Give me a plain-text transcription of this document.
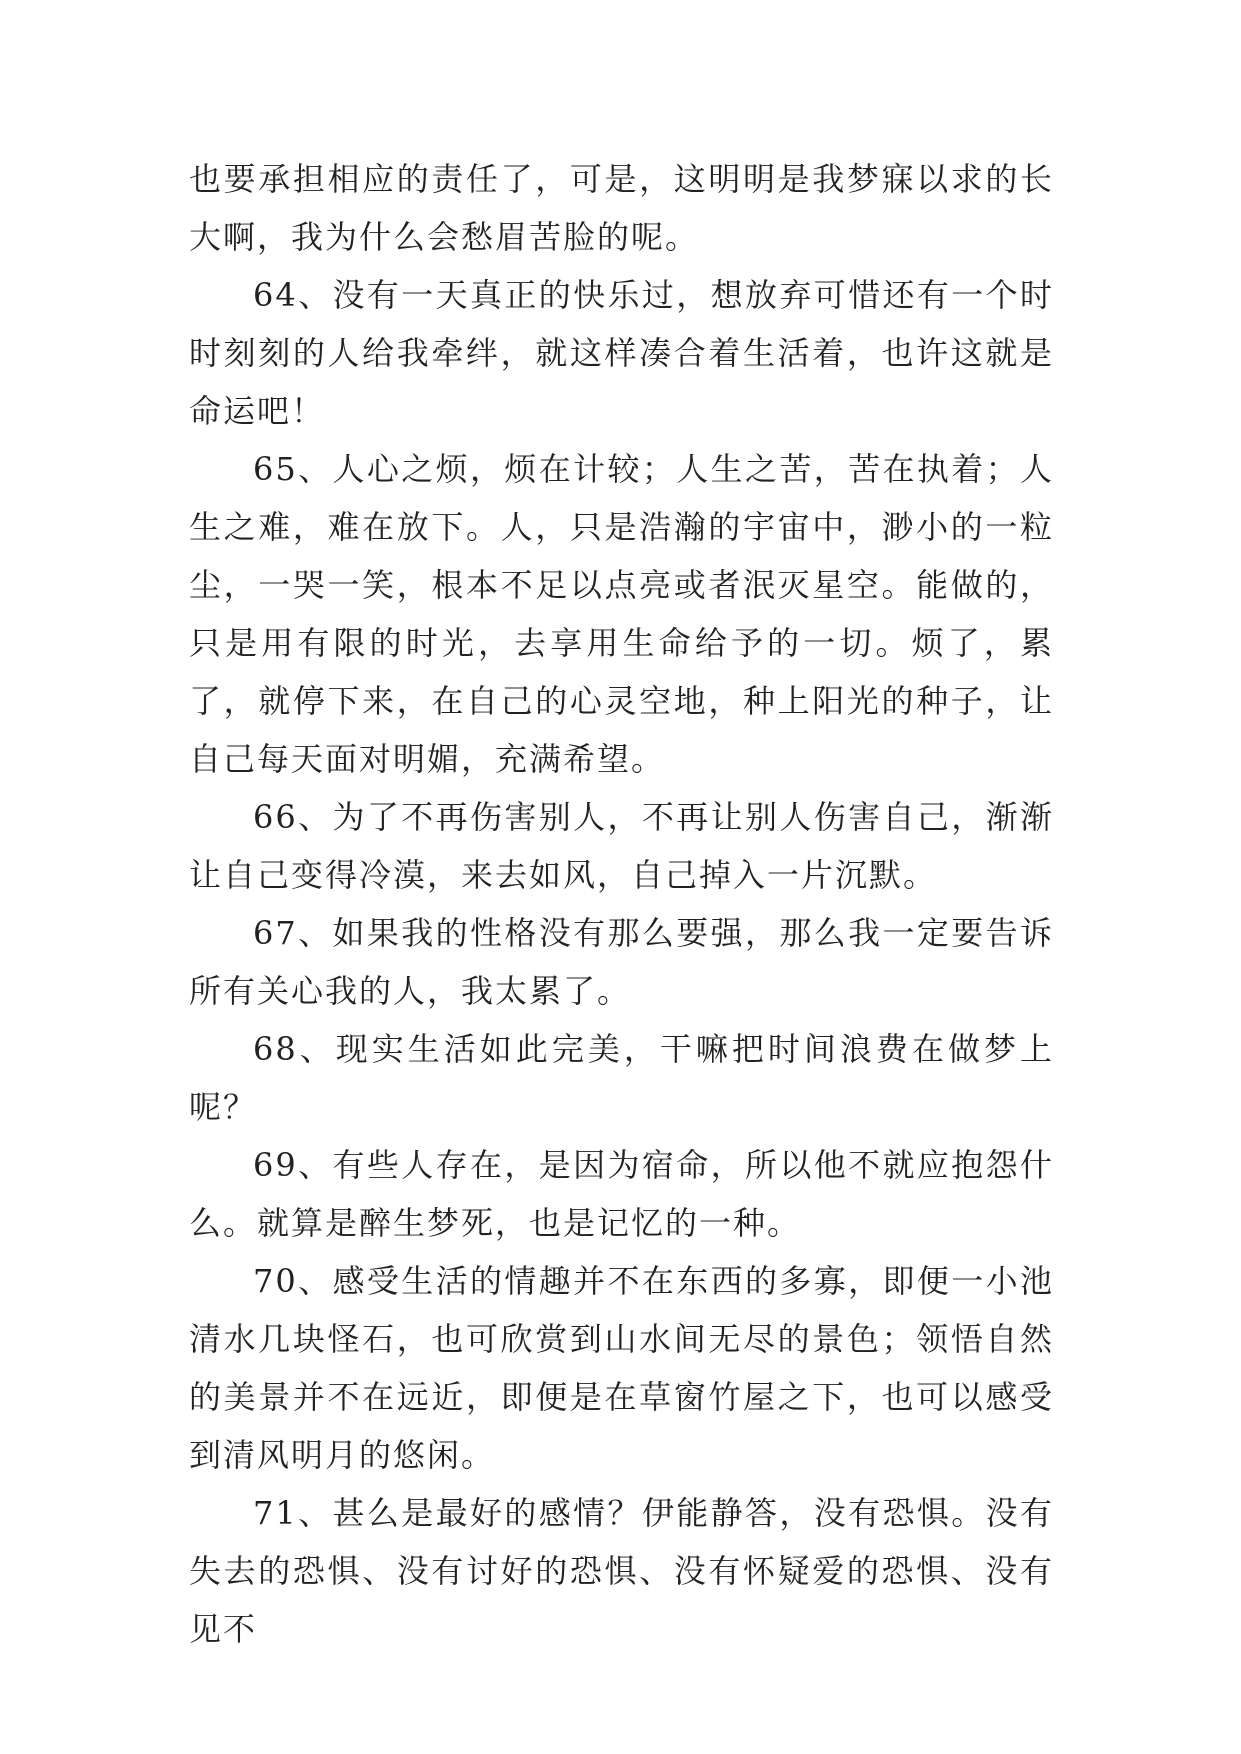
也要承担相应的责任了，可是，这明明是我梦寐以求的长大啊，我为什么会愁眉苦脸的呢。

64、没有一天真正的快乐过，想放弃可惜还有一个时时刻刻的人给我牵绊，就这样凑合着生活着，也许这就是命运吧！

65、人心之烦，烦在计较；人生之苦，苦在执着；人生之难，难在放下。人，只是浩瀚的宇宙中，渺小的一粒尘，一哭一笑，根本不足以点亮或者泯灭星空。能做的，只是用有限的时光，去享用生命给予的一切。烦了，累了，就停下来，在自己的心灵空地，种上阳光的种子，让自己每天面对明媚，充满希望。

66、为了不再伤害别人，不再让别人伤害自己，渐渐让自己变得冷漠，来去如风，自己掉入一片沉默。

67、如果我的性格没有那么要强，那么我一定要告诉所有关心我的人，我太累了。

68、现实生活如此完美，干嘛把时间浪费在做梦上呢？

69、有些人存在，是因为宿命，所以他不就应抱怨什么。就算是醉生梦死，也是记忆的一种。

70、感受生活的情趣并不在东西的多寡，即便一小池清水几块怪石，也可欣赏到山水间无尽的景色；领悟自然的美景并不在远近，即便是在草窗竹屋之下，也可以感受到清风明月的悠闲。

71、甚么是最好的感情？伊能静答，没有恐惧。没有失去的恐惧、没有讨好的恐惧、没有怀疑爱的恐惧、没有见不
